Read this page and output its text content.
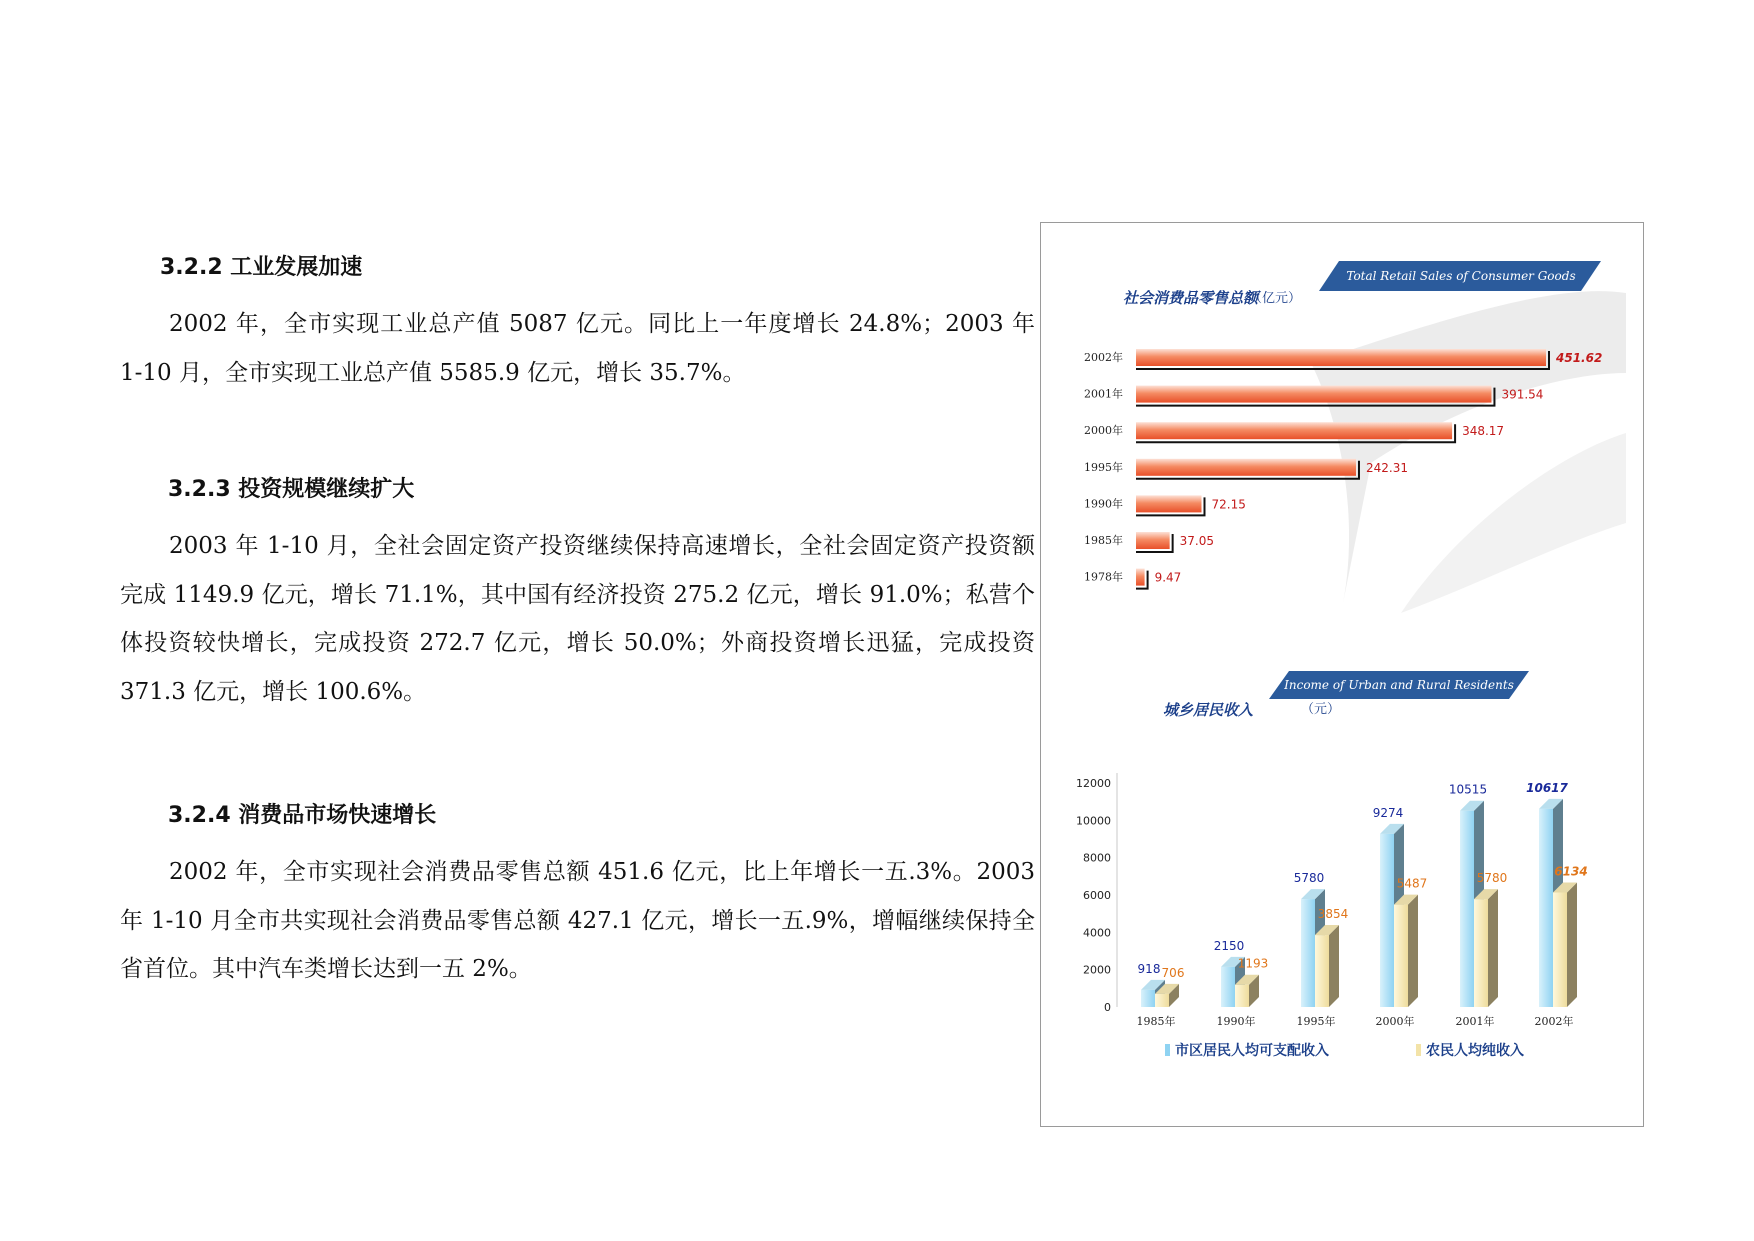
3.2.2 工业发展加速

2002 年，全市实现工业总产值 5087 亿元。同比上一年度增长 24.8%；2003 年 1-10 月，全市实现工业总产值 5585.9 亿元，增长 35.7%。

3.2.3 投资规模继续扩大

2003 年 1-10 月，全社会固定资产投资继续保持高速增长，全社会固定资产投资额完成 1149.9 亿元，增长 71.1%，其中国有经济投资 275.2 亿元，增长 91.0%；私营个体投资较快增长，完成投资 272.7 亿元，增长 50.0%；外商投资增长迅猛，完成投资 371.3 亿元，增长 100.6%。

3.2.4 消费品市场快速增长

2002 年，全市实现社会消费品零售总额 451.6 亿元，比上年增长一五.3%。2003 年 1-10 月全市共实现社会消费品零售总额 427.1 亿元，增长一五.9%，增幅继续保持全省首位。其中汽车类增长达到一五 2%。

Total Retail Sales of Consumer Goods
社会消费品零售总额
（亿元）
2002年	451.62
2001年	391.54
2000年	348.17
1995年	242.31
1990年	72.15
1985年	37.05
1978年	9.47
Income of Urban and Rural Residents
城乡居民收入	（元）
12000
10000
8000
6000
4000
2000
0
918 706
1985年
2150
1193
1990年
5780
3854
1995年
9274
5487
2000年
10515
5780
2001年
10617
6134
2002年
市区居民人均可支配收入	农民人均纯收入
